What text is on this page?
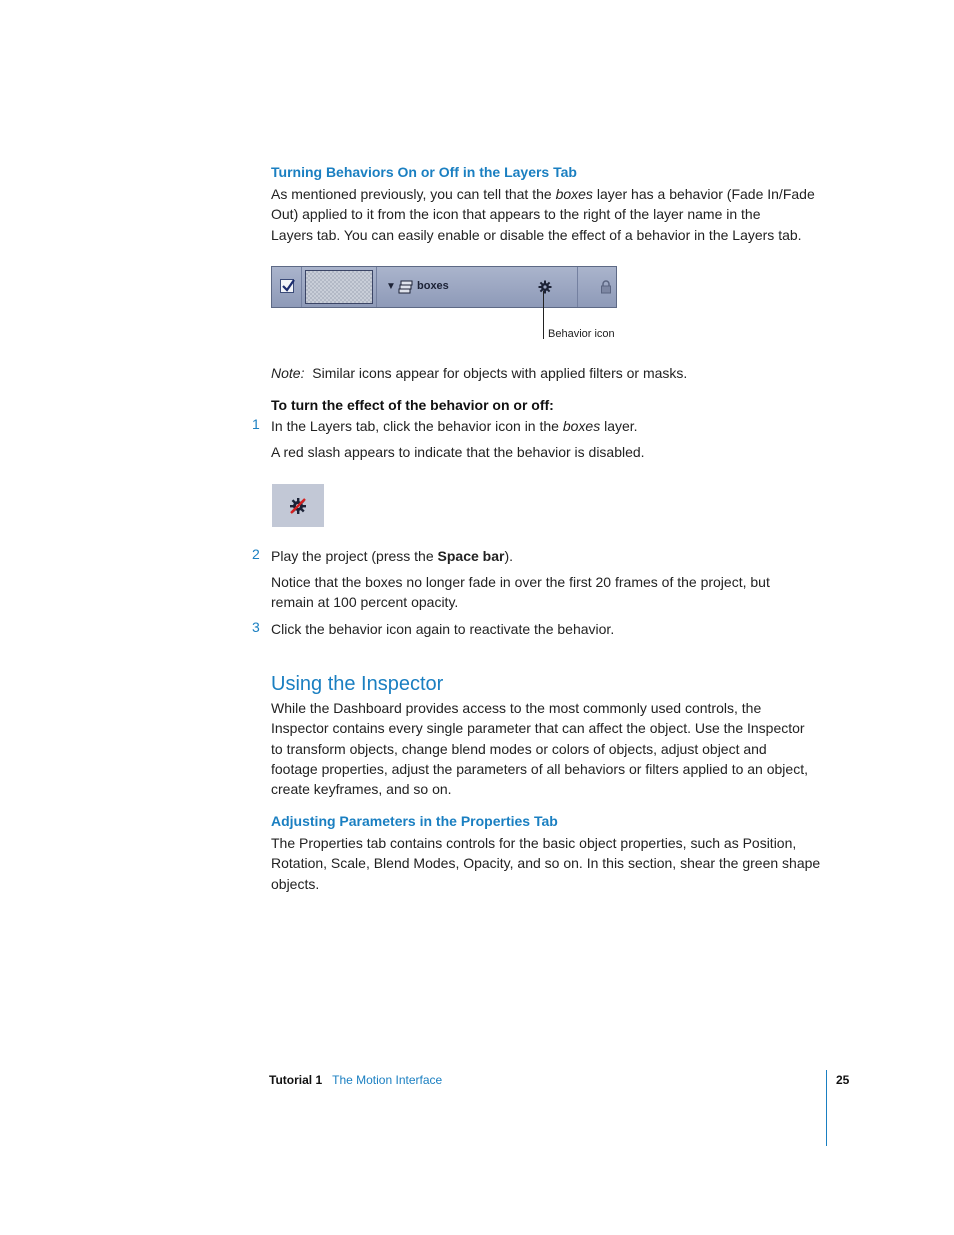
Turning Behaviors On or Off in the Layers Tab
As mentioned previously, you can tell that the boxes layer has a behavior (Fade In/Fade
Out) applied to it from the icon that appears to the right of the layer name in the
Layers tab. You can easily enable or disable the effect of a behavior in the Layers tab.
▼ boxes
Behavior icon
Note: Similar icons appear for objects with applied filters or masks.
To turn the effect of the behavior on or off:
1 In the Layers tab, click the behavior icon in the boxes layer.
A red slash appears to indicate that the behavior is disabled.
2 Play the project (press the Space bar).
Notice that the boxes no longer fade in over the first 20 frames of the project, but
remain at 100 percent opacity.
3 Click the behavior icon again to reactivate the behavior.
Using the Inspector
While the Dashboard provides access to the most commonly used controls, the
Inspector contains every single parameter that can affect the object. Use the Inspector
to transform objects, change blend modes or colors of objects, adjust object and
footage properties, adjust the parameters of all behaviors or filters applied to an object,
create keyframes, and so on.
Adjusting Parameters in the Properties Tab
The Properties tab contains controls for the basic object properties, such as Position,
Rotation, Scale, Blend Modes, Opacity, and so on. In this section, shear the green shape
objects.
Tutorial 1 The Motion Interface	25
